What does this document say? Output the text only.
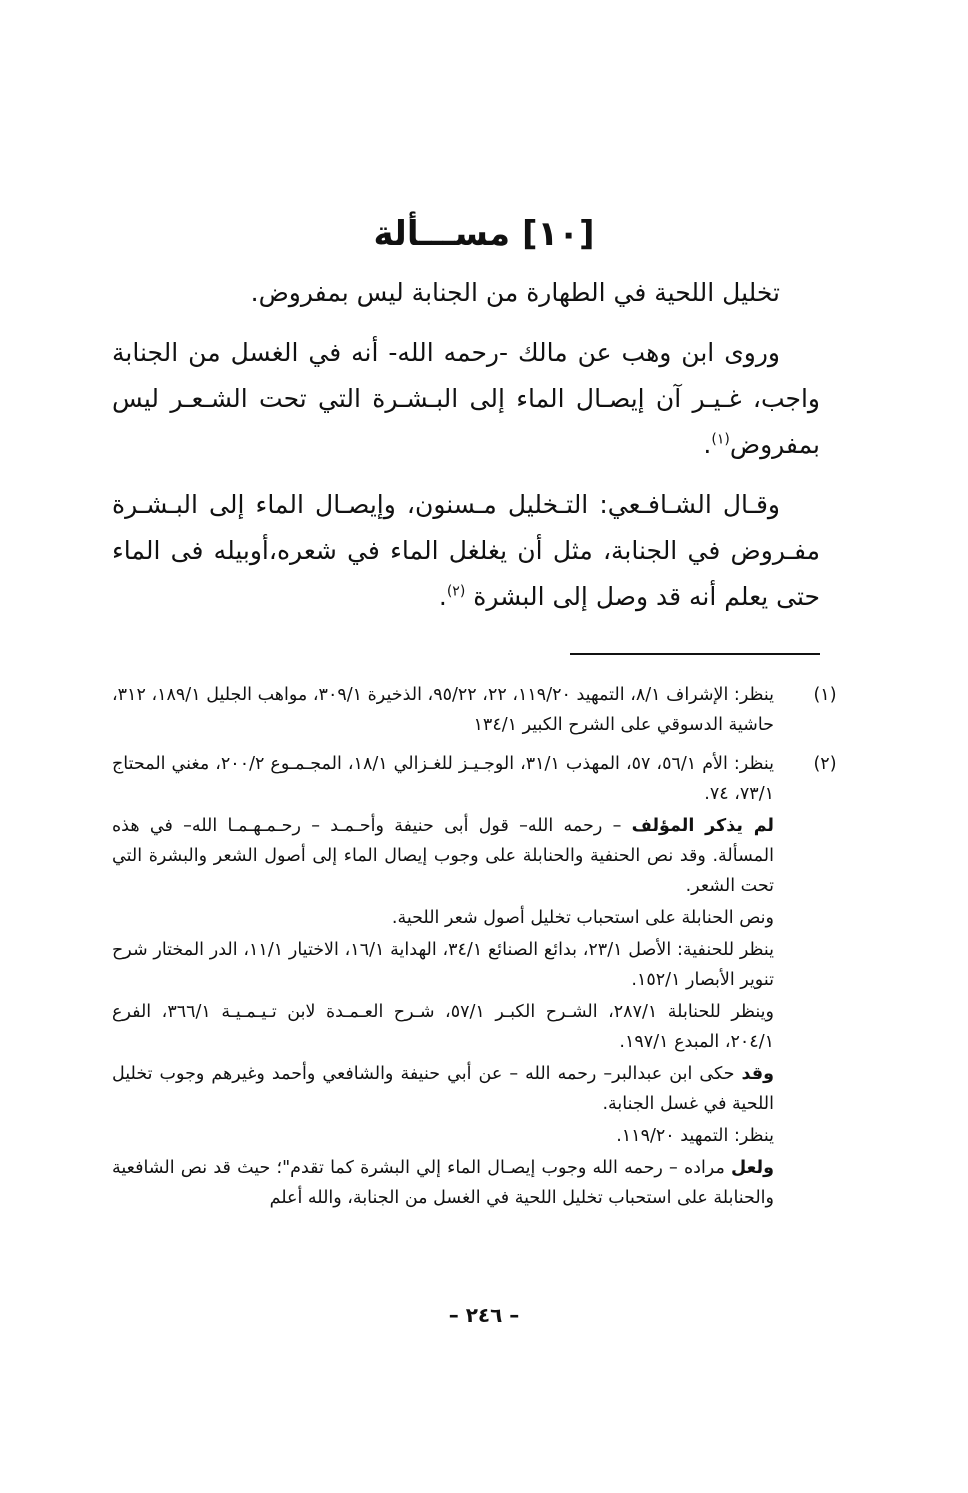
[١٠] مســـألة

تخليل اللحية في الطهارة من الجنابة ليس بمفروض.

وروى ابن وهب عن مالك -رحمه الله- أنه في الغسل من الجنابة واجب، غـيـر آن إيصـال الماء إلى البـشـرة التي تحت الشـعـر ليس بمفروض$^{(١)}$.

وقـال الشـافـعي: التـخليل مـسنون، وإيصـال الماء إلى البـشـرة مفـروض في الجنابة، مثل أن يغلغل الماء في شعره،أوبيله فى الماء حتى يعلم أنه قد وصل إلى البشرة $^{(٢)}$.

(١)

ينظر: الإشراف ٨/١، التمهيد ١١٩/٢٠، ٢٢، ٩٥/٢٢، الذخيرة ٣٠٩/١، مواهب الجليل ١٨٩/١، ٣١٢، حاشية الدسوقي على الشرح الكبير ١٣٤/١

(٢)

ينظر: الأم ٥٦/١، ٥٧، المهذب ٣١/١، الوجـيـز للغـزالي ١٨/١، المجـمـوع ٢٠٠/٢، مغني المحتاج ٧٣/١، ٧٤.

لم يذكر المؤلف – رحمه الله– قول أبى حنيفة وأحـمـد – رحـمـهـمـا الله– في هذه المسألة. وقد نص الحنفية والحنابلة على وجوب إيصال الماء إلى أصول الشعر والبشرة التي تحت الشعر.

ونص الحنابلة على استحباب تخليل أصول شعر اللحية.

ينظر للحنفية: الأصل ٢٣/١، بدائع الصنائع ٣٤/١، الهداية ١٦/١، الاختيار ١١/١، الدر المختار شرح تنوير الأبصار ١٥٢/١.

وينظر للحنابلة ٢٨٧/١، الشـرح الكبـر ٥٧/١، شـرح العـمـدة لابن تـيـمـيـة ٣٦٦/١، الفرع ٢٠٤/١، المبدع ١٩٧/١.

وقد حكى ابن عبدالبر– رحمه الله – عن أبي حنيفة والشافعي وأحمد وغيرهم وجوب تخليل اللحية في غسل الجنابة.

ينظر: التمهيد ١١٩/٢٠.

ولعل مراده – رحمه الله وجوب إيصـال الماء إلي البشرة كما تقدم"؛ حيث قد نص الشافعية والحنابلة على استحباب تخليل اللحية في الغسل من الجنابة، والله أعلم

– ٢٤٦ –
